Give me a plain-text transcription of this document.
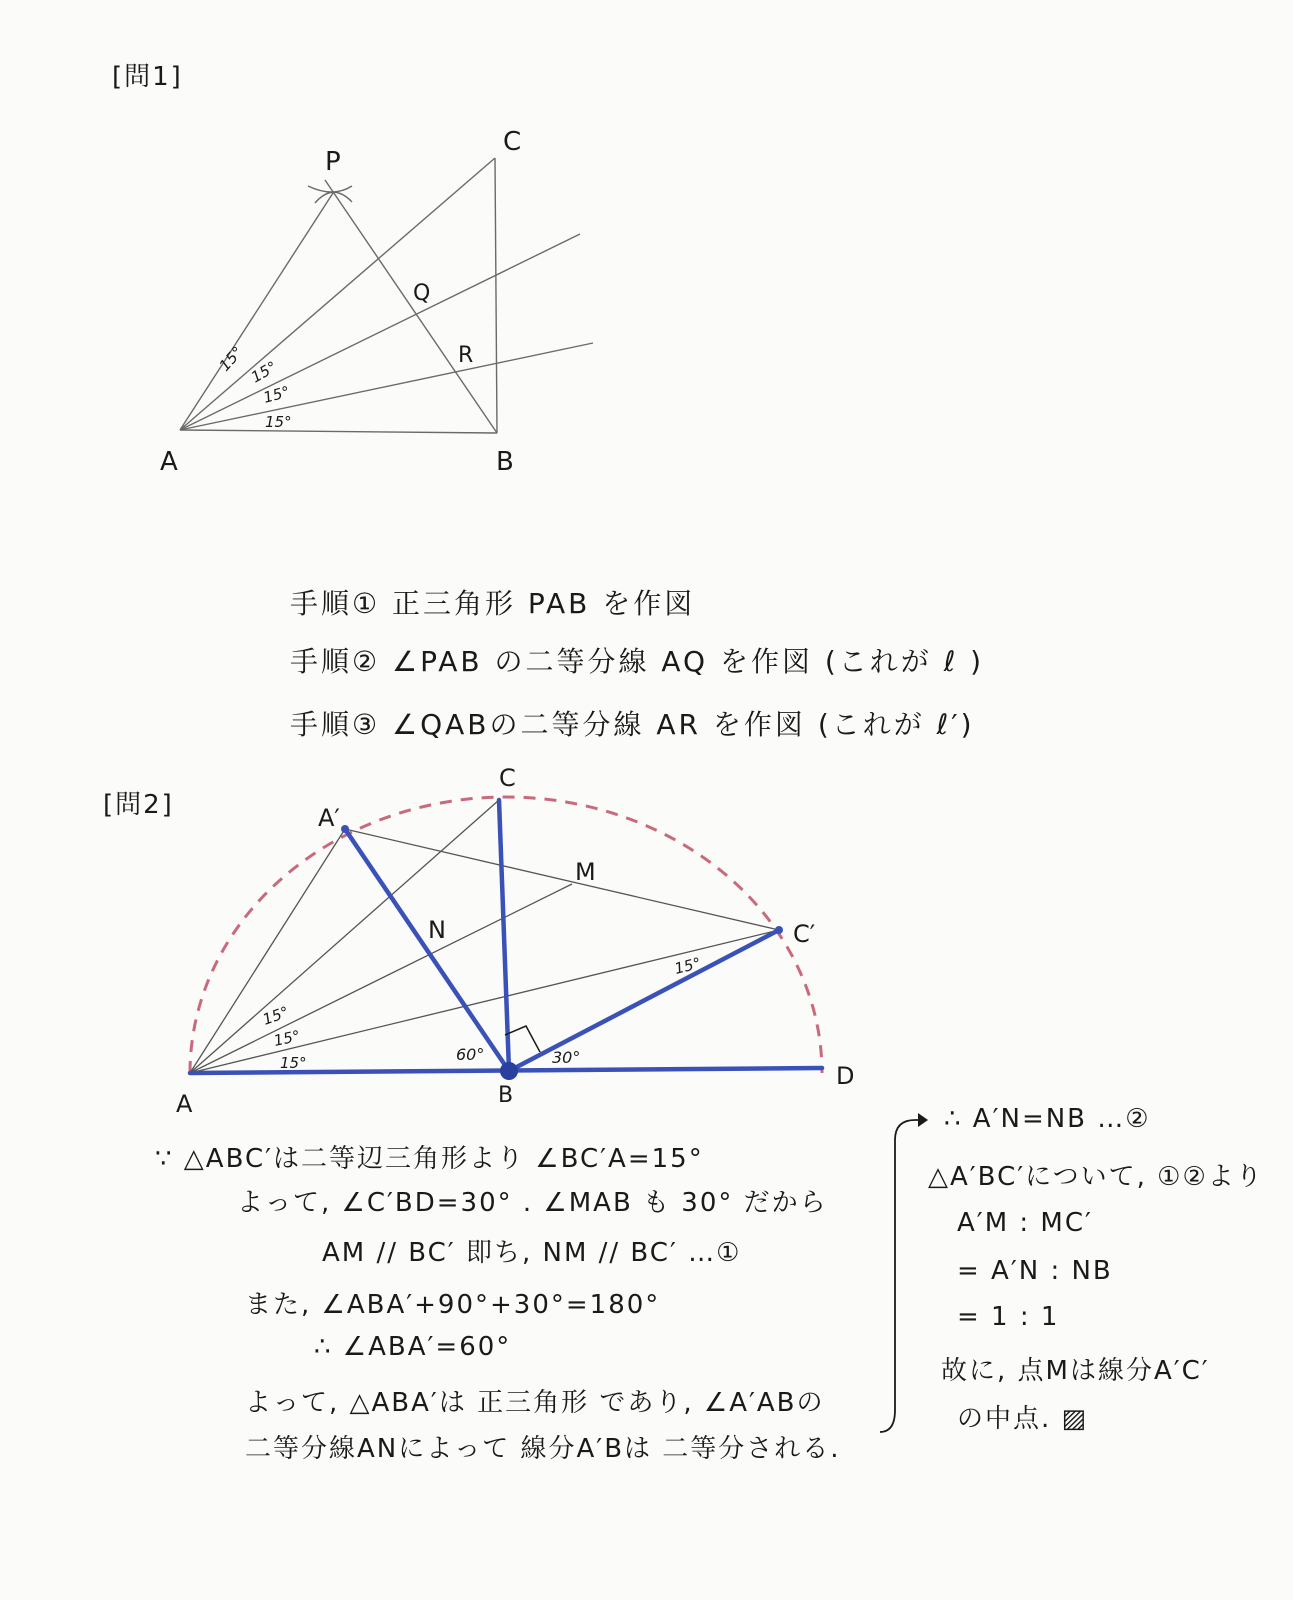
[問1]
P
C
Q
R
A	B
15° 15°
15°
15°
手順① 正三角形 PAB を作図
手順② ∠PAB の二等分線 AQ を作図 (これが ℓ )
手順③ ∠QABの二等分線 AR を作図 (これが ℓ′)
[問2]
C
A′
M
N	C′
A	B
D
15°
15°
15°
15°
60°	30°
∵ △ABC′は二等辺三角形より ∠BC′A=15°
よって, ∠C′BD=30° . ∠MAB も 30° だから
AM // BC′ 即ち, NM // BC′ …①
また, ∠ABA′+90°+30°=180°
∴ ∠ABA′=60°
よって, △ABA′は 正三角形 であり, ∠A′ABの
二等分線ANによって 線分A′Bは 二等分される.
∴ A′N=NB …②
△A′BC′について, ①②より
A′M : MC′
= A′N : NB
= 1 : 1
故に, 点Mは線分A′C′
の中点. ▨
